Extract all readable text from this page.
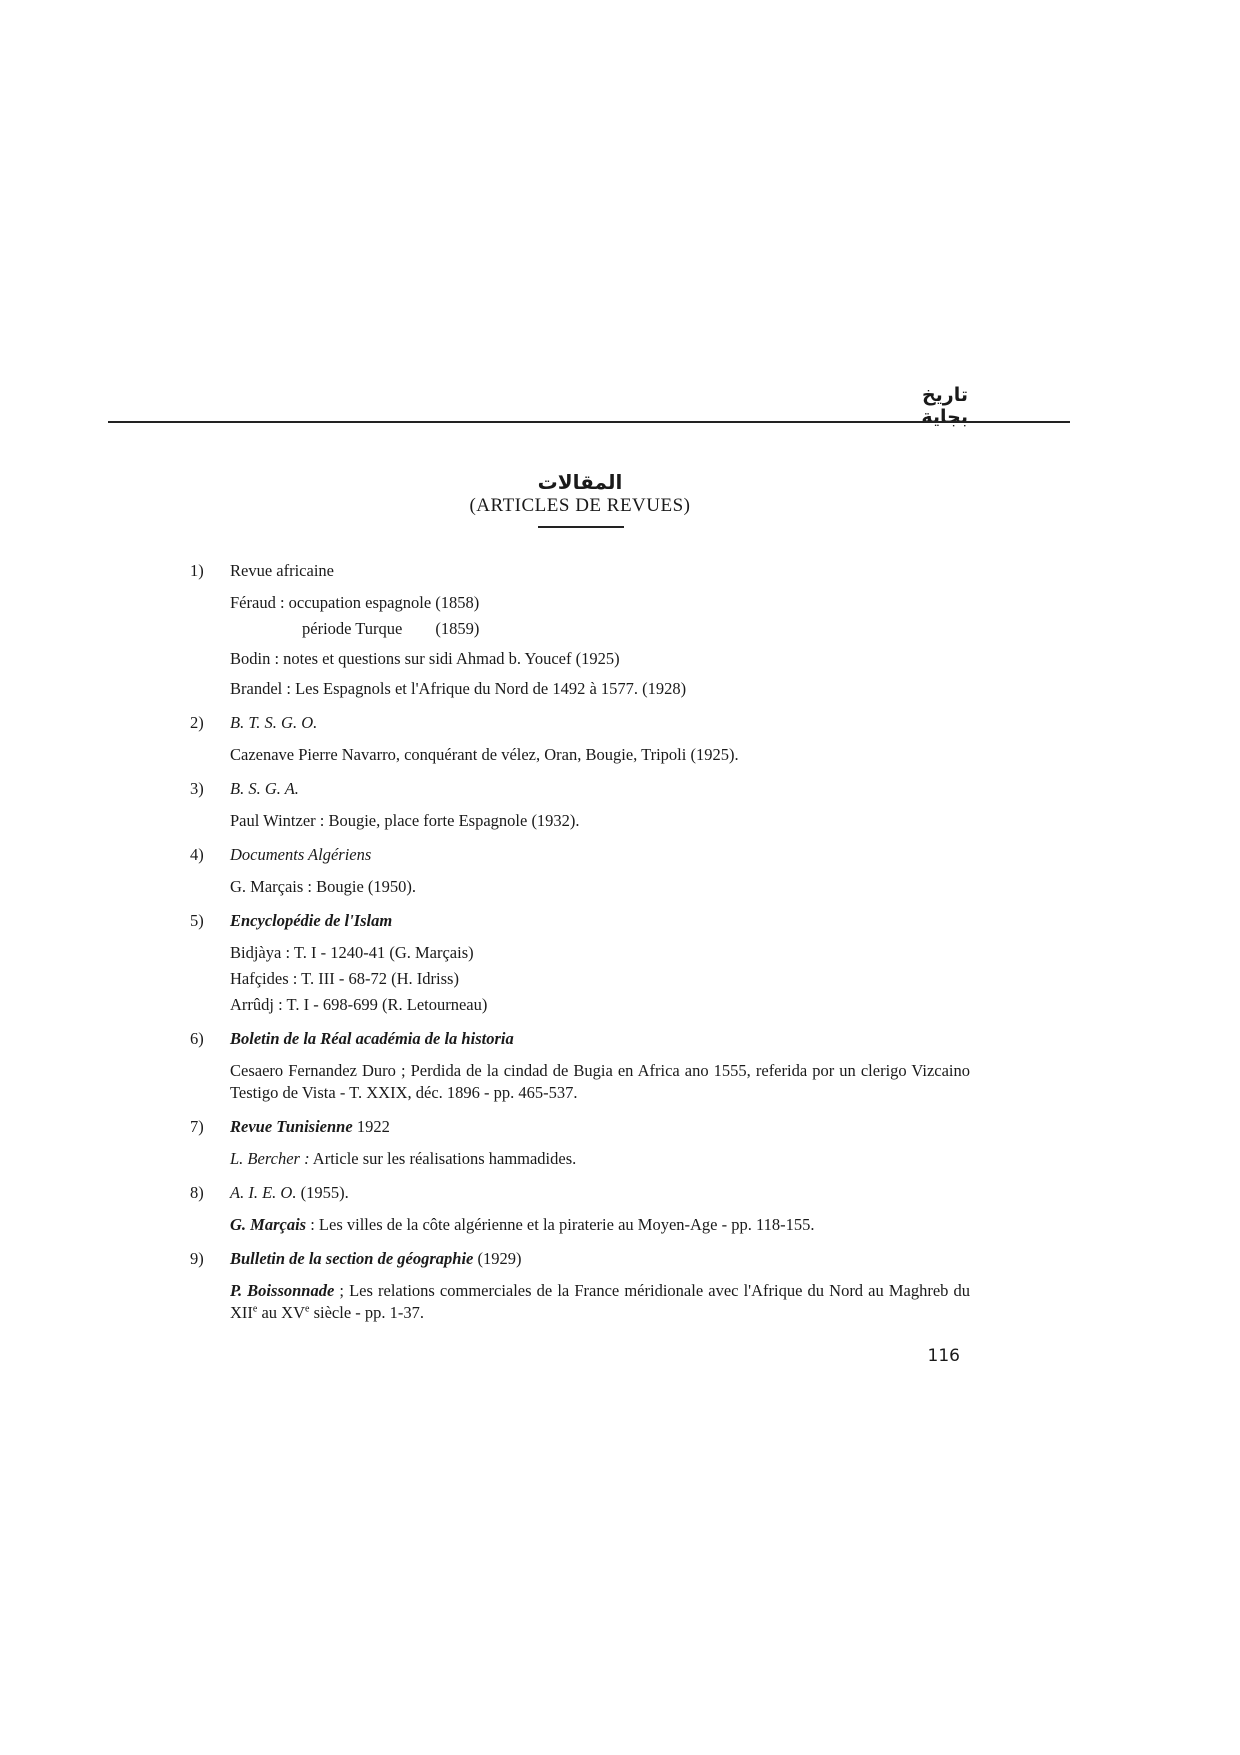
تاريخ بجاية
المقالات
(ARTICLES DE REVUES)
1)	Revue africaine
Féraud : occupation espagnole (1858)
période Turque        (1859)
Bodin : notes et questions sur sidi Ahmad b. Youcef (1925)
Brandel : Les Espagnols et l'Afrique du Nord de 1492 à 1577. (1928)
2)	B. T. S. G. O.
Cazenave Pierre Navarro, conquérant de vélez, Oran, Bougie, Tripoli (1925).
3)	B. S. G. A.
Paul Wintzer : Bougie, place forte Espagnole (1932).
4)	Documents Algériens
G. Marçais : Bougie (1950).
5)	Encyclopédie de l'Islam
Bidjàya : T. I - 1240-41 (G. Marçais)
Hafçides : T. III - 68-72 (H. Idriss)
Arrûdj : T. I - 698-699 (R. Letourneau)
6)	Boletin de la Réal académia de la historia
Cesaero Fernandez Duro ; Perdida de la cindad de Bugia en Africa ano 1555, referida por un clerigo Vizcaino Testigo de Vista - T. XXIX, déc. 1896 - pp. 465-537.
7)	Revue Tunisienne
1922
L. Bercher : Article sur les réalisations hammadides.
8)	A. I. E. O.
(1955).
G. Marçais : Les villes de la côte algérienne et la piraterie au Moyen-Age - pp. 118-155.
9)	Bulletin de la section de géographie
(1929)
P. Boissonnade ; Les relations commerciales de la France méridionale avec l'Afrique du Nord au Maghreb du XIIe au XVe siècle - pp. 1-37.
116
